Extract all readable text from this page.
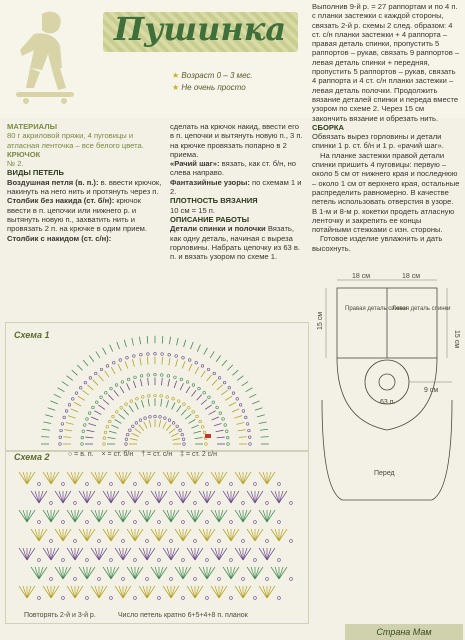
Пушинка
★ Возраст 0 – 3 мес.
★ Не очень просто
МАТЕРИАЛЫ
80 г акриловой пряжи, 4 пуговицы и атласная ленточка – все белого цвета.
КРЮЧОК
№ 2.
ВИДЫ ПЕТЕЛЬ
Воздушная петля (в. п.): в. ввести крючок, накинуть на него нить и протянуть через п.
Столбик без накида (ст. б/н): крючок ввести в п. цепочки или нижнего р. и вытянуть новую п., захватить нить и провязать 2 п. на крючке в одим прием.
Столбик с накидом (ст. с/н):
сделать на крючок накид, ввести его в п. цепочки и вытянуть новую п., 3 п. на крючке провязать попарно в 2 приема.
«Рачий шаг»: вязать, как ст. б/н, но слева направо.
Фантазийные узоры: по схемам 1 и 2.
ПЛОТНОСТЬ ВЯЗАНИЯ
10 см = 15 п.
ОПИСАНИЕ РАБОТЫ
Детали спинки и полочки Вязать, как одну деталь, начиная с выреза горловины. Набрать цепочку из 63 в. п. и вязать узором по схеме 1.
Выполнив 9-й р. = 27 раппортам и по 4 п. с планки застежки с каждой стороны, связать 2-й р. схемы 2 след. образом: 4 ст. с/н планки застежки + 4 раппорта – правая деталь спинки, пропустить 5 раппортов – рукав, связать 9 раппортов – левая деталь спинки + передняя, пропустить 5 раппортов – рукав, связать 4 раппорта и 4 ст. с/н планки застежки – левая деталь полочки. Продолжить вязание деталей спинки и переда вместе узором по схеме 2. Через 15 см закончить вязание и обрезать нить.
СБОРКА
Обвязать вырез горловины и детали спинки 1 р. ст. б/н и 1 р. «рачий шаг».
На планке застежки правой детали спинки пришить 4 пуговицы: первую – около 5 см от нижнего края и последнюю – около 1 см от верхнего края, остальные распределить равномерно. В качестве петель использовать отверстия в узоре. В 1-м и 8-м р. кокетки продеть атласную ленточку и закрепить ее концы потайными стежками с изн. стороны.
Готовое изделие увлажнить и дать высохнуть.
Схема 1
Схема 2	○ = в. п. × = ст. б/н † = ст. с/н ‡ = ст. 2 с/н
Повторять 2-й и 3-й р.	Число петель кратно 6+5+4+8 п. планок
18 см	18 см
15 см
15 см
9 см
Правая деталь спинки
Левая деталь спинки
63 п.
Перед
Страна Мам
